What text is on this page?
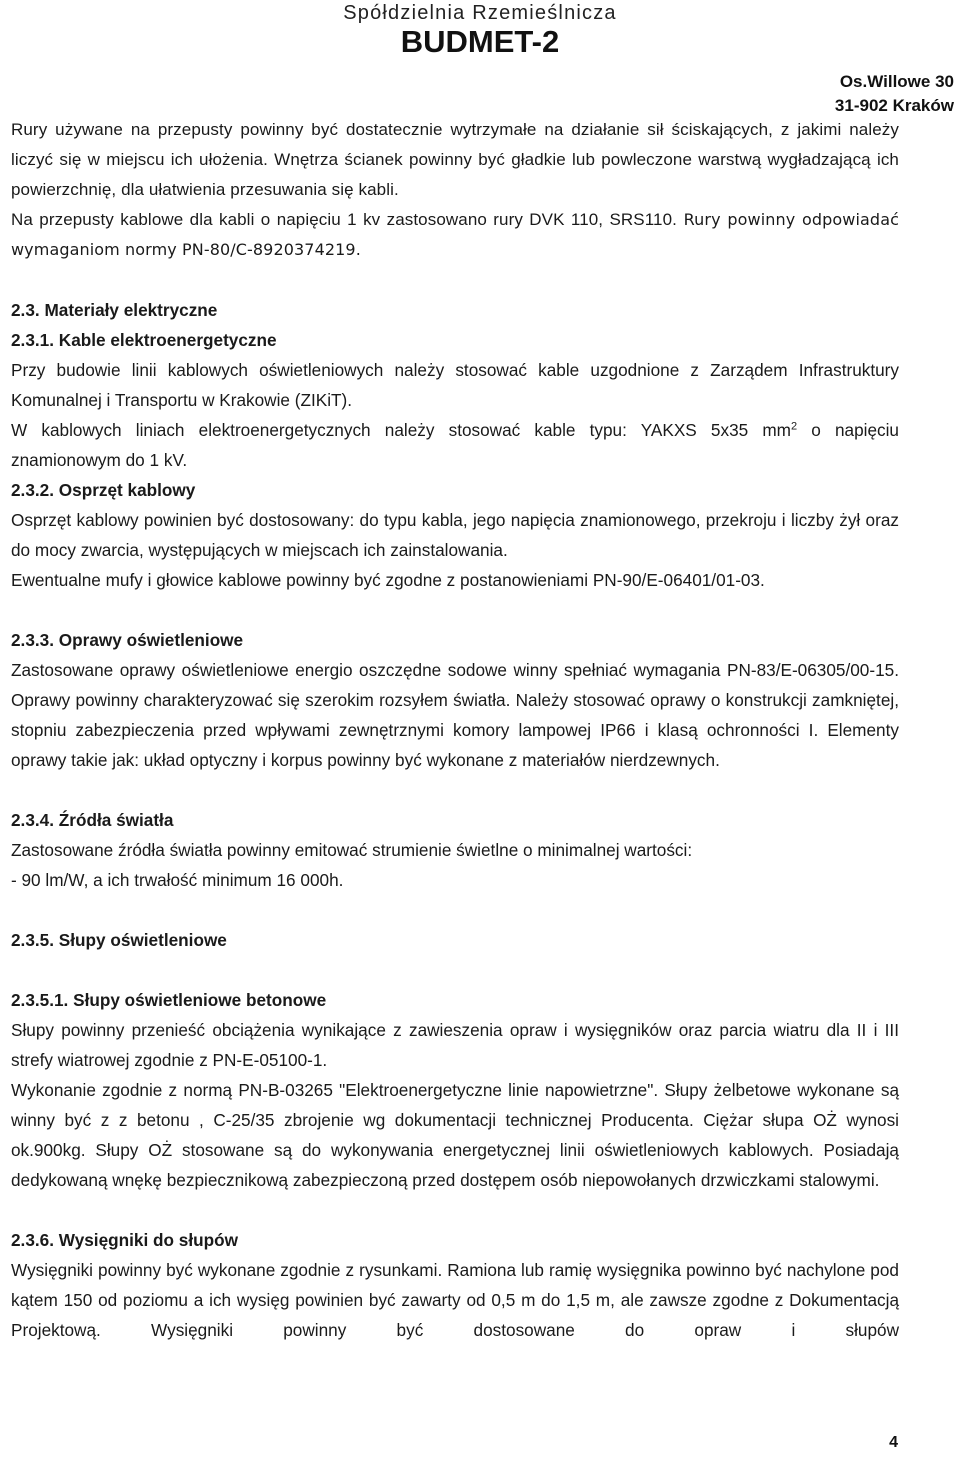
Spółdzielnia Rzemieślnicza
BUDMET-2
Os.Willowe 30
31-902 Kraków

Rury używane na przepusty powinny być dostatecznie wytrzymałe na działanie sił ściskających, z jakimi należy liczyć się w miejscu ich ułożenia. Wnętrza ścianek powinny być gładkie lub powleczone warstwą wygładzającą ich powierzchnię, dla ułatwienia przesuwania się kabli.

Na przepusty kablowe dla kabli o napięciu 1 kv zastosowano rury DVK 110, SRS110. Rury powinny odpowiadać wymaganiom normy PN-80/C-8920374219.

2.3. Materiały elektryczne
2.3.1. Kable elektroenergetyczne

Przy budowie linii kablowych oświetleniowych należy stosować kable uzgodnione z Zarządem Infrastruktury Komunalnej i Transportu w Krakowie (ZIKiT).

W kablowych liniach elektroenergetycznych należy stosować kable typu: YAKXS 5x35 $mm^2$ o napięciu znamionowym do 1 kV.

2.3.2. Osprzęt kablowy

Osprzęt kablowy powinien być dostosowany: do typu kabla, jego napięcia znamionowego, przekroju i liczby żył oraz do mocy zwarcia, występujących w miejscach ich zainstalowania.

Ewentualne mufy i głowice kablowe powinny być zgodne z postanowieniami PN-90/E-06401/01-03.

2.3.3. Oprawy oświetleniowe

Zastosowane oprawy oświetleniowe energio oszczędne sodowe winny spełniać wymagania PN-83/E-06305/00-15. Oprawy powinny charakteryzować się szerokim rozsyłem światła. Należy stosować oprawy o konstrukcji zamkniętej, stopniu zabezpieczenia przed wpływami zewnętrznymi komory lampowej IP66 i klasą ochronności I. Elementy oprawy takie jak: układ optyczny i korpus powinny być wykonane z materiałów nierdzewnych.

2.3.4. Źródła światła

Zastosowane źródła światła powinny emitować strumienie świetlne o minimalnej wartości:

- 90 lm/W, a ich trwałość minimum 16 000h.

2.3.5. Słupy oświetleniowe
2.3.5.1. Słupy oświetleniowe betonowe

Słupy powinny przenieść obciążenia wynikające z zawieszenia opraw i wysięgników oraz parcia wiatru dla II i III strefy wiatrowej zgodnie z PN-E-05100-1.

Wykonanie zgodnie z normą PN-B-03265 "Elektroenergetyczne linie napowietrzne". Słupy żelbetowe wykonane są winny być z z betonu , C-25/35 zbrojenie wg dokumentacji technicznej Producenta. Ciężar słupa OŻ wynosi ok.900kg. Słupy OŻ stosowane są do wykonywania energetycznej linii oświetleniowych kablowych. Posiadają dedykowaną wnękę bezpiecznikową zabezpieczoną przed dostępem osób niepowołanych drzwiczkami stalowymi.

2.3.6. Wysięgniki do słupów

Wysięgniki powinny być wykonane zgodnie z rysunkami. Ramiona lub ramię wysięgnika powinno być nachylone pod kątem 150 od poziomu a ich wysięg powinien być zawarty od 0,5 m do 1,5 m, ale zawsze zgodne z Dokumentacją Projektową. Wysięgniki powinny być dostosowane do opraw i słupów

4
